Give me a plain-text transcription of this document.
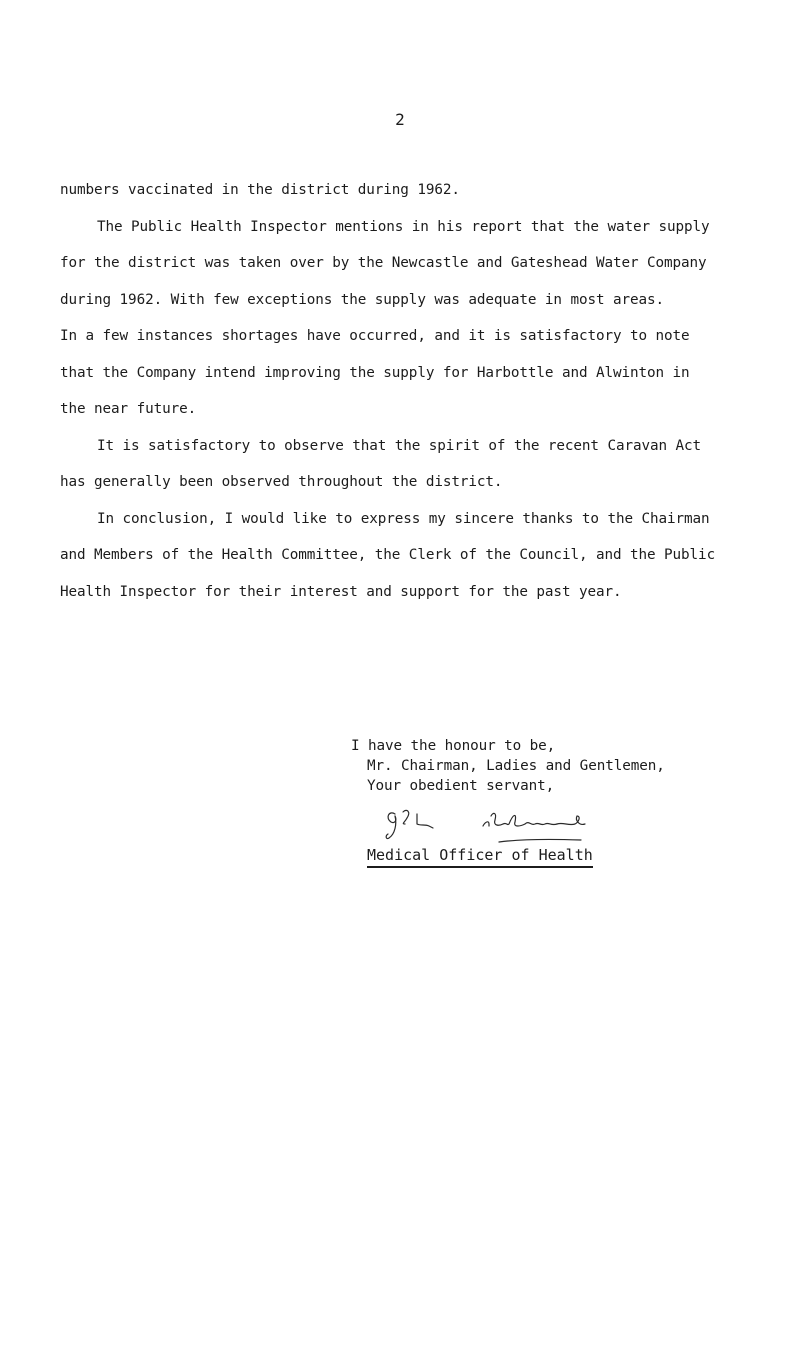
2

numbers vaccinated in the district during 1962.

The Public Health Inspector mentions in his report that the water supply
for the district was taken over by the Newcastle and Gateshead Water Company
during 1962. With few exceptions the supply was adequate in most areas.
In a few instances shortages have occurred, and it is satisfactory to note
that the Company intend improving the supply for Harbottle and Alwinton in
the near future.

It is satisfactory to observe that the spirit of the recent Caravan Act
has generally been observed throughout the district.

In conclusion, I would like to express my sincere thanks to the Chairman
and Members of the Health Committee, the Clerk of the Council, and the Public
Health Inspector for their interest and support for the past year.

I have the honour to be,
Mr. Chairman, Ladies and Gentlemen,
Your obedient servant,
Medical Officer of Health
